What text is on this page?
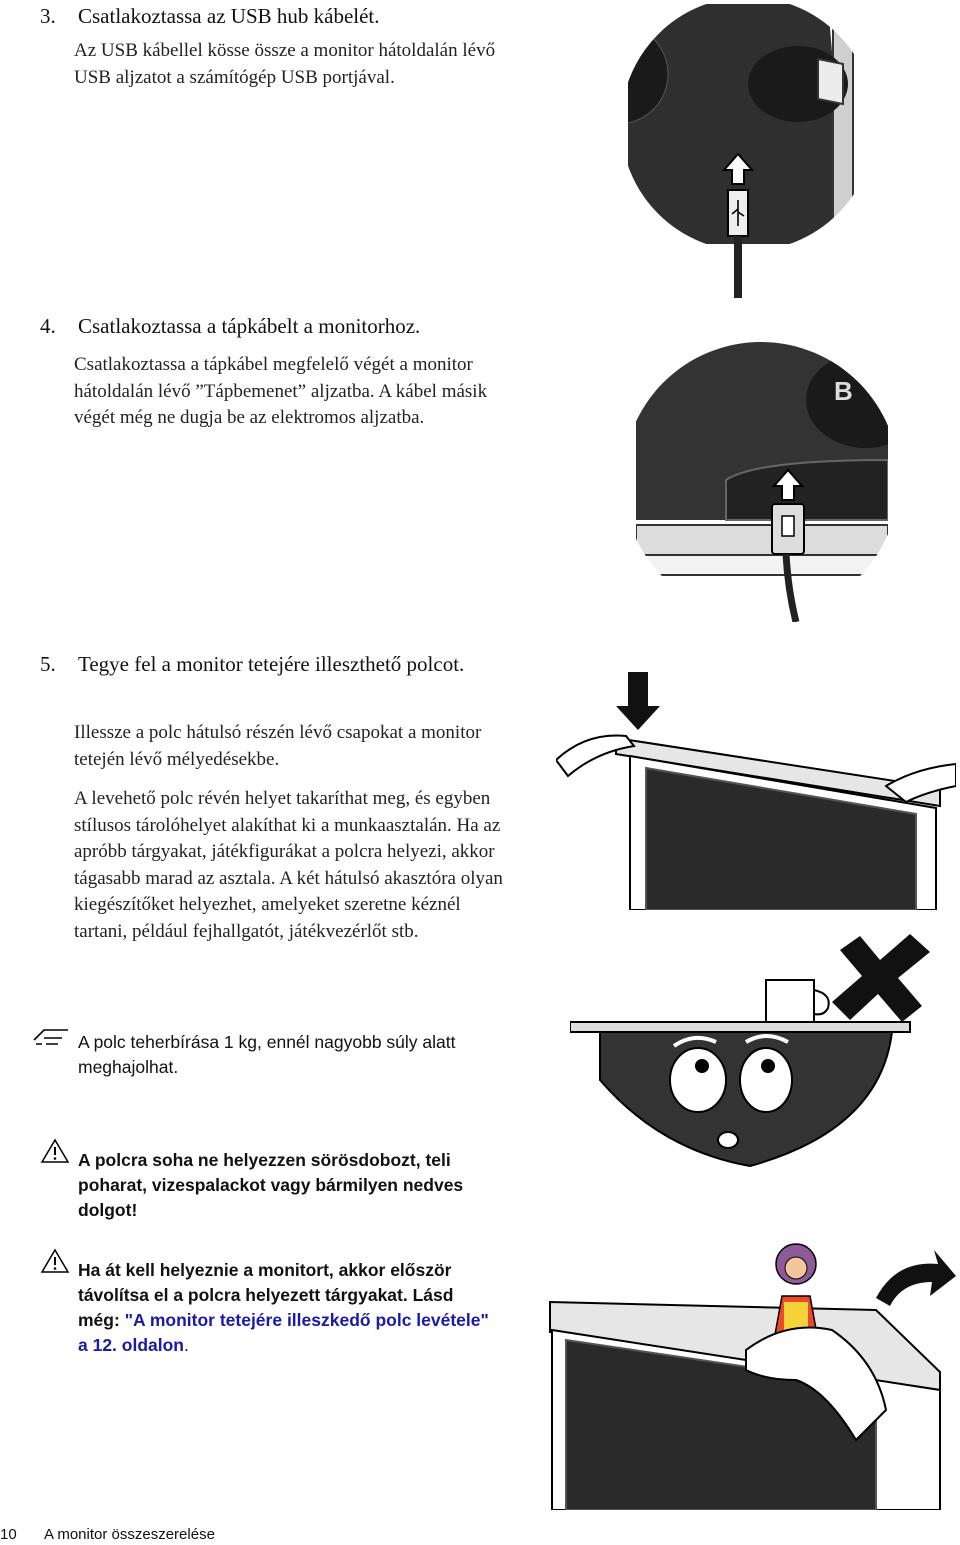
3. Csatlakoztassa az USB hub kábelét.
Az USB kábellel kösse össze a monitor hátoldalán lévő USB aljzatot a számítógép USB portjával.
4. Csatlakoztassa a tápkábelt a monitorhoz.
Csatlakoztassa a tápkábel megfelelő végét a monitor hátoldalán lévő ”Tápbemenet” aljzatba. A kábel másik végét még ne dugja be az elektromos aljzatba.
B
5. Tegye fel a monitor tetejére illeszthető polcot.
Illessze a polc hátulsó részén lévő csapokat a monitor tetején lévő mélyedésekbe.
A levehető polc révén helyet takaríthat meg, és egyben stílusos tárolóhelyet alakíthat ki a munkaasztalán. Ha az apróbb tárgyakat, játékfigurákat a polcra helyezi, akkor tágasabb marad az asztala. A két hátulsó akasztóra olyan kiegészítőket helyezhet, amelyeket szeretne kéznél tartani, például fejhallgatót, játékvezérlőt stb.
A polc teherbírása 1 kg, ennél nagyobb súly alatt meghajolhat.
A polcra soha ne helyezzen sörösdobozt, teli poharat, vizespalackot vagy bármilyen nedves dolgot!
Ha át kell helyeznie a monitort, akkor először távolítsa el a polcra helyezett tárgyakat. Lásd még: "A monitor tetejére illeszkedő polc levétele" a 12. oldalon.
10 A monitor összeszerelése
